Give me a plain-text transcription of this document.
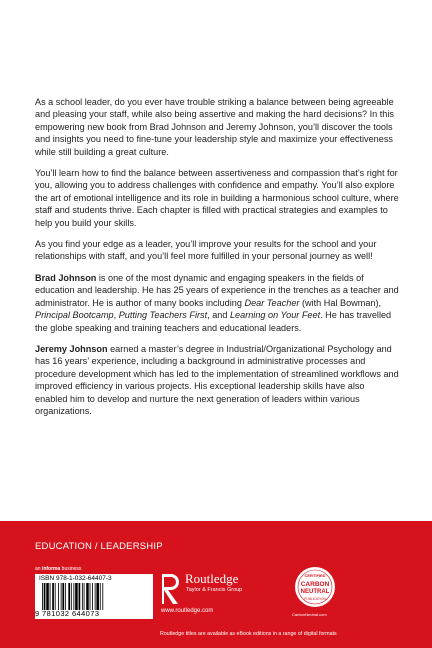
As a school leader, do you ever have trouble striking a balance between being agreeable and pleasing your staff, while also being assertive and making the hard decisions? In this empowering new book from Brad Johnson and Jeremy Johnson, you’ll discover the tools and insights you need to fine-tune your leadership style and maximize your effectiveness while still building a great culture.

You’ll learn how to find the balance between assertiveness and compassion that’s right for you, allowing you to address challenges with confidence and empathy. You’ll also explore the art of emotional intelligence and its role in building a harmonious school culture, where staff and students thrive. Each chapter is filled with practical strategies and examples to help you build your skills.

As you find your edge as a leader, you’ll improve your results for the school and your relationships with staff, and you’ll feel more fulfilled in your personal journey as well!

Brad Johnson is one of the most dynamic and engaging speakers in the fields of education and leadership. He has 25 years of experience in the trenches as a teacher and administrator. He is author of many books including Dear Teacher (with Hal Bowman), Principal Bootcamp, Putting Teachers First, and Learning on Your Feet. He has travelled the globe speaking and training teachers and educational leaders.

Jeremy Johnson earned a master’s degree in Industrial/Organizational Psychology and has 16 years’ experience, including a background in administrative processes and procedure development which has led to the implementation of streamlined workflows and improved efficiency in various projects. His exceptional leadership skills have also enabled him to develop and nurture the next generation of leaders within various organizations.

EDUCATION / LEADERSHIP
an informa business
ISBN 978-1-032-64407-3
9 781032 644073
Routledge
Taylor & Francis Group
www.routledge.com
CERTIFIED
CARBON
NEUTRAL
PUBLICATION
CarbonNeutral.com
Routledge titles are available as eBook editions in a range of digital formats
